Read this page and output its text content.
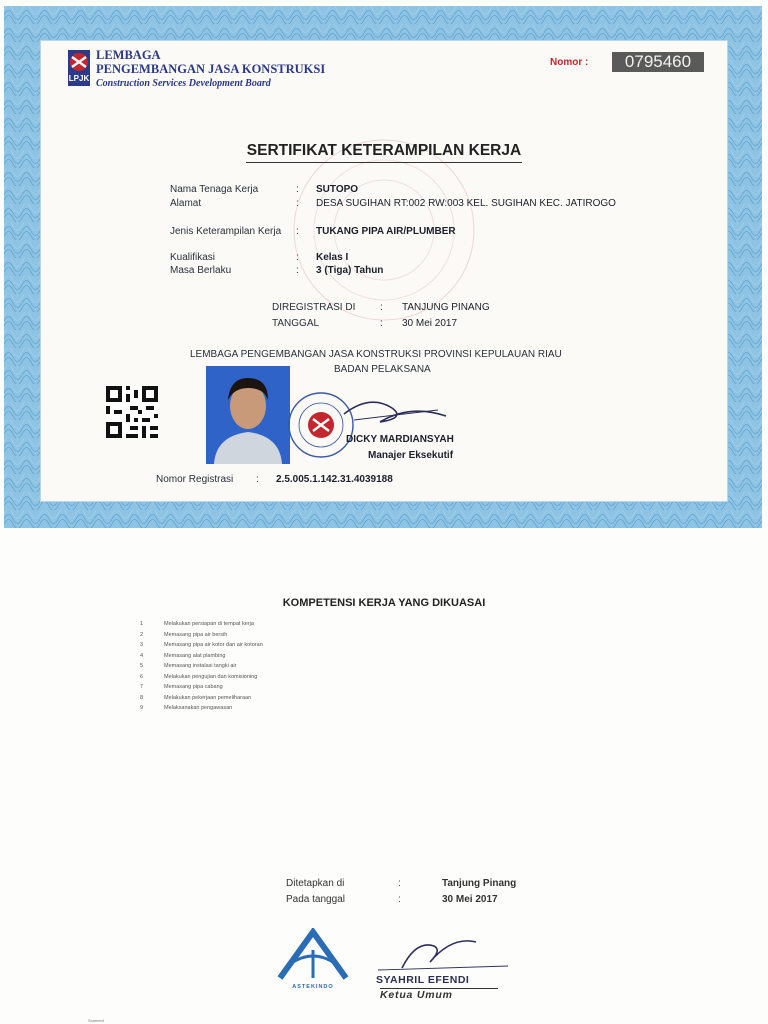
LPJK
LEMBAGA
PENGEMBANGAN JASA KONSTRUKSI
Construction Services Development Board
Nomor :	0795460
SERTIFIKAT KETERAMPILAN KERJA
Nama Tenaga Kerja	: SUTOPO
Alamat	: DESA SUGIHAN RT:002 RW:003 KEL. SUGIHAN KEC. JATIROGO
Jenis Keterampilan Kerja : TUKANG PIPA AIR/PLUMBER
Kualifikasi	: Kelas I
Masa Berlaku	: 3 (Tiga) Tahun
DIREGISTRASI DI : TANJUNG PINANG
TANGGAL	: 30 Mei 2017
LEMBAGA PENGEMBANGAN JASA KONSTRUKSI PROVINSI KEPULAUAN RIAU
BADAN PELAKSANA
DICKY MARDIANSYAH
Manajer Eksekutif
Nomor Registrasi : 2.5.005.1.142.31.4039188
KOMPETENSI KERJA YANG DIKUASAI
1	Melakukan persiapan di tempat kerja
2	Memasang pipa air bersih
3	Memasang pipa air kotor dan air kotoran
4	Memasang alat plambing
5	Memasang instalasi tangki air
6	Melakukan pengujian dan komisioning
7	Memasang pipa cabang
8	Melakukan pekerjaan pemeliharaan
9	Melaksanakan pengawasan
Ditetapkan di	:	Tanjung Pinang
Pada tanggal	:	30 Mei 2017
ASTEKINDO
SYAHRIL EFENDI
Ketua Umum
Scanned
